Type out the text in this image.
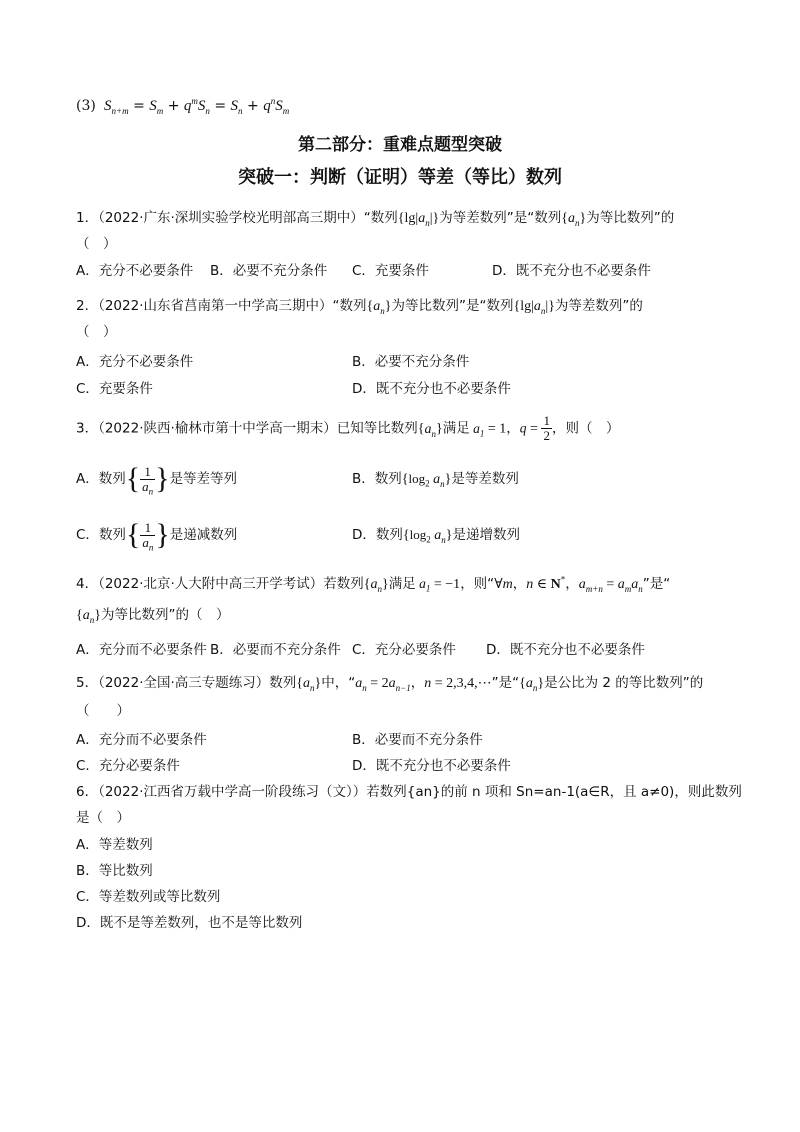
(3)  $S_{n+m} = S_m + q^mS_n = S_n + q^nS_m$
第二部分：重难点题型突破
突破一：判断（证明）等差（等比）数列
1．（2022·广东·深圳实验学校光明部高三期中）“数列$\{\lg|a_n|\}$为等差数列”是“数列$\{a_n\}$为等比数列”的
（　）
A．充分不必要条件 B．必要不充分条件 C．充要条件	D．既不充分也不必要条件
2．（2022·山东省莒南第一中学高三期中）“数列$\{a_n\}$为等比数列”是“数列$\{\lg|a_n|\}$为等差数列”的
（　）
A．充分不必要条件	B．必要不充分条件
C．充要条件	D．既不充分也不必要条件
3．（2022·陕西·榆林市第十中学高一期末）已知等比数列$\{a_n\}$满足 $a_1 = 1$，$q = \frac{1}{2}$ ，则（　）
A．数列{ $\frac{1}{a_n}$ }是等差等列	B．数列{$\log_2$ $a_n$}是等差数列
C．数列{ $\frac{1}{a_n}$ }是递减数列	D．数列{$\log_2$ $a_n$}是递增数列
4．（2022·北京·人大附中高三开学考试）若数列$\{a_n\}$满足 $a_1 = -1$，则“∀m，n ∈ N*，$a_{m+n} = a_ma_n$”是“
$\{a_n\}$为等比数列”的（　）
A．充分而不必要条件 B．必要而不充分条件 C．充分必要条件 D．既不充分也不必要条件
5．（2022·全国·高三专题练习）数列$\{a_n\}$中，“$a_n = 2a_{n-1}$，n = 2,3,4,⋯”是“$\{a_n\}$是公比为 2 的等比数列”的
（　　）
A．充分而不必要条件	B．必要而不充分条件
C．充分必要条件	D．既不充分也不必要条件
6．（2022·江西省万载中学高一阶段练习（文））若数列{an}的前 n 项和 Sn=an-1(a∈R，且 a≠0)，则此数列
是（　）
A．等差数列
B．等比数列
C．等差数列或等比数列
D．既不是等差数列，也不是等比数列
